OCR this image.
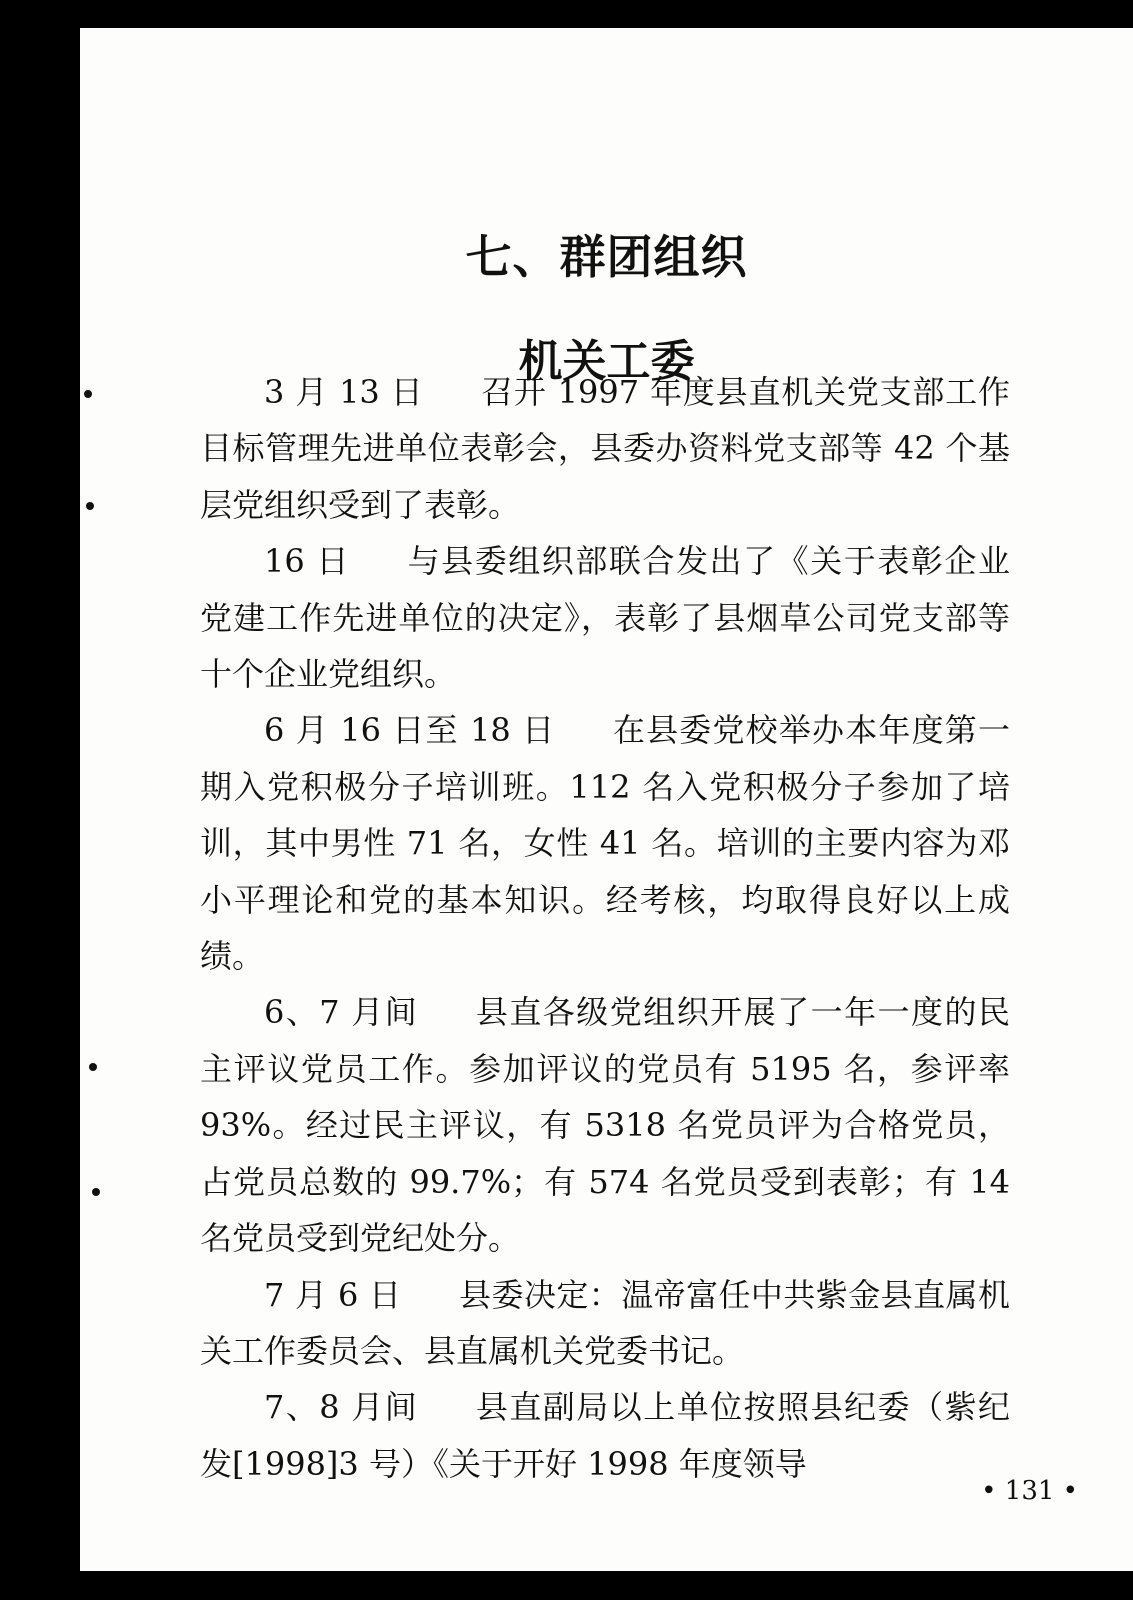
七、群团组织
机关工委

3 月 13 日 召开 1997 年度县直机关党支部工作目标管理先进单位表彰会，县委办资料党支部等 42 个基层党组织受到了表彰。

16 日 与县委组织部联合发出了《关于表彰企业党建工作先进单位的决定》，表彰了县烟草公司党支部等十个企业党组织。

6 月 16 日至 18 日 在县委党校举办本年度第一期入党积极分子培训班。112 名入党积极分子参加了培训，其中男性 71 名，女性 41 名。培训的主要内容为邓小平理论和党的基本知识。经考核，均取得良好以上成绩。

6、7 月间 县直各级党组织开展了一年一度的民主评议党员工作。参加评议的党员有 5195 名，参评率 93%。经过民主评议，有 5318 名党员评为合格党员，占党员总数的 99.7%；有 574 名党员受到表彰；有 14 名党员受到党纪处分。

7 月 6 日 县委决定：温帝富任中共紫金县直属机关工作委员会、县直属机关党委书记。

7、8 月间 县直副局以上单位按照县纪委（紫纪发[1998]3 号）《关于开好 1998 年度领导

• 131 •
